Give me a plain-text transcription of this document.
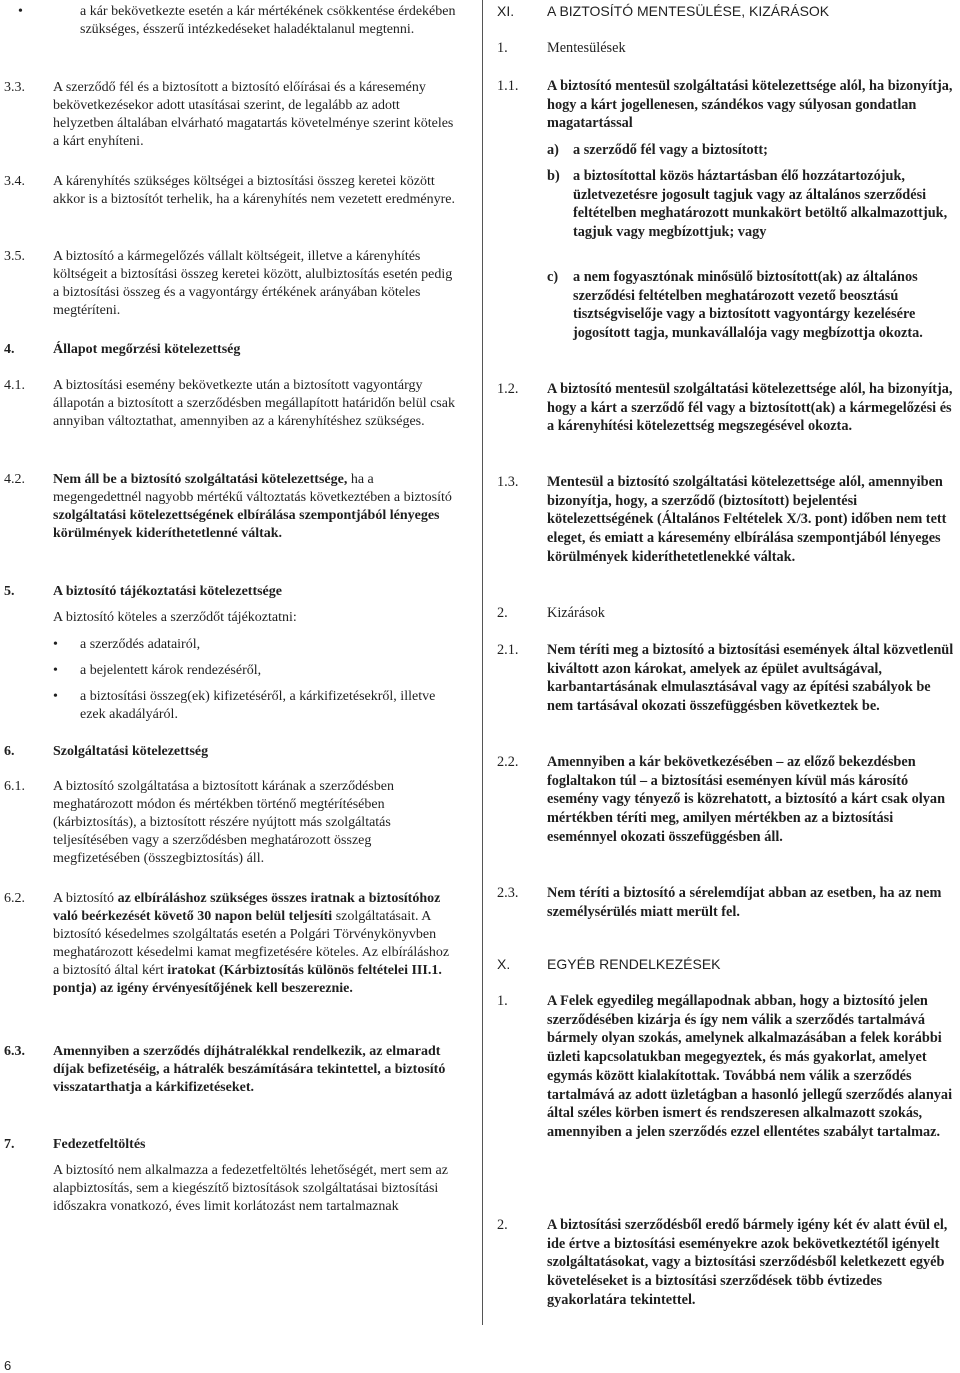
•	a kár bekövetkezte esetén a kár mértékének csökkentése érdekében szükséges, ésszerű intézkedéseket haladéktalanul megtenni.
3.3. A szerződő fél és a biztosított a biztosító előírásai és a káresemény bekövetkezésekor adott utasításai szerint, de legalább az adott helyzetben általában elvárható magatartás követelménye szerint köteles a kárt enyhíteni.
3.4. A kárenyhítés szükséges költségei a biztosítási összeg keretei között akkor is a biztosítót terhelik, ha a kárenyhítés nem vezetett eredményre.
3.5. A biztosító a kármegelőzés vállalt költségeit, illetve a kárenyhítés költségeit a biztosítási összeg keretei között, alulbiztosítás esetén pedig a biztosítási összeg és a vagyontárgy értékének arányában köteles megtéríteni.
4.	Állapot megőrzési kötelezettség
4.1. A biztosítási esemény bekövetkezte után a biztosított vagyontárgy állapotán a biztosított a szerződésben megállapított határidőn belül csak annyiban változtathat, amennyiben az a kárenyhítéshez szükséges.
4.2. Nem áll be a biztosító szolgáltatási kötelezettsége, ha a megengedettnél nagyobb mértékű változtatás következtében a biztosító szolgáltatási kötelezettségének elbírálása szempontjából lényeges körülmények kideríthetetlenné váltak.
5.	A biztosító tájékoztatási kötelezettsége
A biztosító köteles a szerződőt tájékoztatni:
• a szerződés adatairól,
• a bejelentett károk rendezéséről,
• a biztosítási összeg(ek) kifizetéséről, a kárkifizetésekről, illetve ezek akadályáról.
6.	Szolgáltatási kötelezettség
6.1. A biztosító szolgáltatása a biztosított kárának a szerződésben meghatározott módon és mértékben történő megtérítésében (kárbiztosítás), a biztosított részére nyújtott más szolgáltatás teljesítésében vagy a szerződésben meghatározott összeg megfizetésében (összegbiztosítás) áll.
6.2. A biztosító az elbíráláshoz szükséges összes iratnak a biztosítóhoz való beérkezését követő 30 napon belül teljesíti szolgáltatásait. A biztosító késedelmes szolgáltatás esetén a Polgári Törvénykönyvben meghatározott késedelmi kamat megfizetésére köteles. Az elbíráláshoz a biztosító által kért iratokat (Kárbiztosítás különös feltételei III.1. pontja) az igény érvényesítőjének kell beszereznie.
6.3. Amennyiben a szerződés díjhátralékkal rendelkezik, az elmaradt díjak befizetéséig, a hátralék beszámítására tekintettel, a biztosító visszatarthatja a kárkifizetéseket.
7.	Fedezetfeltöltés
A biztosító nem alkalmazza a fedezetfeltöltés lehetőségét, mert sem az alapbiztosítás, sem a kiegészítő biztosítások szolgáltatásai biztosítási időszakra vonatkozó, éves limit korlátozást nem tartalmaznak
XI. A BIZTOSÍTÓ MENTESÜLÉSE, KIZÁRÁSOK
1.	Mentesülések
1.1. A biztosító mentesül szolgáltatási kötelezettsége alól, ha bizonyítja, hogy a kárt jogellenesen, szándékos vagy súlyosan gondatlan magatartással
a) a szerződő fél vagy a biztosított;
b) a biztosítottal közös háztartásban élő hozzátartozójuk, üzletvezetésre jogosult tagjuk vagy az általános szerződési feltételben meghatározott munkakört betöltő alkalmazottjuk, tagjuk vagy megbízottjuk; vagy
c) a nem fogyasztónak minősülő biztosított(ak) az általános szerződési feltételben meghatározott vezető beosztású tisztségviselője vagy a biztosított vagyontárgy kezelésére jogosított tagja, munkavállalója vagy megbízottja okozta.
1.2. A biztosító mentesül szolgáltatási kötelezettsége alól, ha bizonyítja, hogy a kárt a szerződő fél vagy a biztosított(ak) a kármegelőzési és a kárenyhítési kötelezettség megszegésével okozta.
1.3. Mentesül a biztosító szolgáltatási kötelezettsége alól, amennyiben bizonyítja, hogy, a szerződő (biztosított) bejelentési kötelezettségének (Általános Feltételek X/3. pont) időben nem tett eleget, és emiatt a káresemény elbírálása szempontjából lényeges körülmények kideríthetetlenekké váltak.
2.	Kizárások
2.1. Nem téríti meg a biztosító a biztosítási események által közvetlenül kiváltott azon károkat, amelyek az épület avultságával, karbantartásának elmulasztásával vagy az építési szabályok be nem tartásával okozati összefüggésben következtek be.
2.2. Amennyiben a kár bekövetkezésében – az előző bekezdésben foglaltakon túl – a biztosítási eseményen kívül más károsító esemény vagy tényező is közrehatott, a biztosító a kárt csak olyan mértékben téríti meg, amilyen mértékben az a biztosítási eseménnyel okozati összefüggésben áll.
2.3. Nem téríti a biztosító a sérelemdíjat abban az esetben, ha az nem személysérülés miatt merült fel.
X.	EGYÉB RENDELKEZÉSEK
1.	A Felek egyedileg megállapodnak abban, hogy a biztosító jelen szerződésében kizárja és így nem válik a szerződés tartalmává bármely olyan szokás, amelynek alkalmazásában a felek korábbi üzleti kapcsolatukban megegyeztek, és más gyakorlat, amelyet egymás között kialakítottak. Továbbá nem válik a szerződés tartalmává az adott üzletágban a hasonló jellegű szerződés alanyai által széles körben ismert és rendszeresen alkalmazott szokás, amennyiben a jelen szerződés ezzel ellentétes szabályt tartalmaz.
2.	A biztosítási szerződésből eredő bármely igény két év alatt évül el, ide értve a biztosítási eseményekre azok bekövetkeztétől igényelt szolgáltatásokat, vagy a biztosítási szerződésből keletkezett egyéb követeléseket is a biztosítási szerződések több évtizedes gyakorlatára tekintettel.
6
